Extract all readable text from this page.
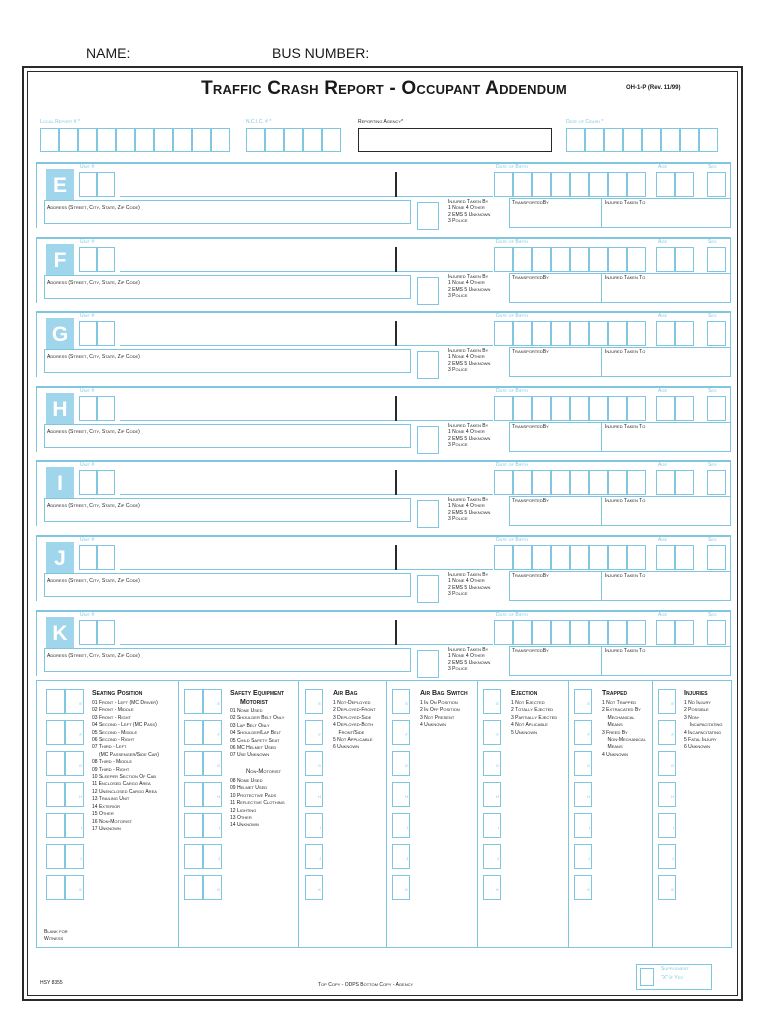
NAME:	BUS NUMBER:
Traffic Crash Report - Occupant Addendum	OH-1-P (Rev. 11/99)
Local Report # *	N.C.I.C. # *	Reporting Agency*	Date of Crash *
E
Unit #	Date of Birth	Age	Sex
Address (Street, City, State, Zip Code)
Injured Taken By
1 None 4 Other
2 EMS 5 Unknown
3 Police
TransportedBy	Injured Taken To
F
Unit #	Date of Birth	Age	Sex
Address (Street, City, State, Zip Code)
Injured Taken By
1 None 4 Other
2 EMS 5 Unknown
3 Police
TransportedBy	Injured Taken To
G
Unit #	Date of Birth	Age	Sex
Address (Street, City, State, Zip Code)
Injured Taken By
1 None 4 Other
2 EMS 5 Unknown
3 Police
TransportedBy	Injured Taken To
H
Unit #	Date of Birth	Age	Sex
Address (Street, City, State, Zip Code)
Injured Taken By
1 None 4 Other
2 EMS 5 Unknown
3 Police
TransportedBy	Injured Taken To
I
Unit #	Date of Birth	Age	Sex
Address (Street, City, State, Zip Code)
Injured Taken By
1 None 4 Other
2 EMS 5 Unknown
3 Police
TransportedBy	Injured Taken To
J
Unit #	Date of Birth	Age	Sex
Address (Street, City, State, Zip Code)
Injured Taken By
1 None 4 Other
2 EMS 5 Unknown
3 Police
TransportedBy	Injured Taken To
K
Unit #	Date of Birth	Age	Sex
Address (Street, City, State, Zip Code)
Injured Taken By
1 None 4 Other
2 EMS 5 Unknown
3 Police
TransportedBy	Injured Taken To
E
F
G
H
I
J
K
E
F
G
H
I
J
K
E
F
G
H
I
J
K
E
F
G
H
I
J
K
E
F
G
H
I
J
K
E
F
G
H
I
J
K
E
F
G
H
I
J
K
Seating Position
01 Front - Left (MC Driver)
02 Front - Middle
03 Front - Right
04 Second - Left (MC Pass)
05 Second - Middle
06 Second - Right
07 Third - Left
(MC Passenger/Side Car)
08 Third - Middle
09 Third - Right
10 Sleeper Section Of Cab
11 Enclosed Cargo Area
12 Unenclosed Cargo Area
13 Trailing Unit
14 Exterior
15 Other
16 Non-Motorist
17 Unknown
Safety Equipment
Motorist
01 None Used
02 Shoulder Belt Only
03 Lap Belt Only
04 Shoulder/Lap Belt
05 Child Safety Seat
06 MC Helmet Used
07 Use Unknown
Non-Motorist
08 None Used
09 Helmet Used
10 Protective Pads
11 Reflective Clothing
12 Lighting
13 Other
14 Unknown
Air Bag
1 Not-Deployed
2 Deployed-Front
3 Deployed-Side
4 Deployed-Both
Front/Side
5 Not Applicable
6 Unknown
Air Bag Switch
1 In On Position
2 In Off Position
3 Not Present
4 Unknown
Ejection
1 Not Ejected
2 Totally Ejected
3 Partially Ejected
4 Not Aplicable
5 Unknown
Trapped
1 Not Trapped
2 Extracated By
Mechanical
Means
3 Freed By
Non-Mechanical
Means
4 Unknown
Injuries
1 No Injury
2 Possible
3 Non-
Incapacitating
4 Incapacitating
5 Fatal Injury
6 Unknown
Blank for
Witness
HSY 8355	Top Copy - ODPS Bottom Copy - Agency
Supplement
"X" If Yes
